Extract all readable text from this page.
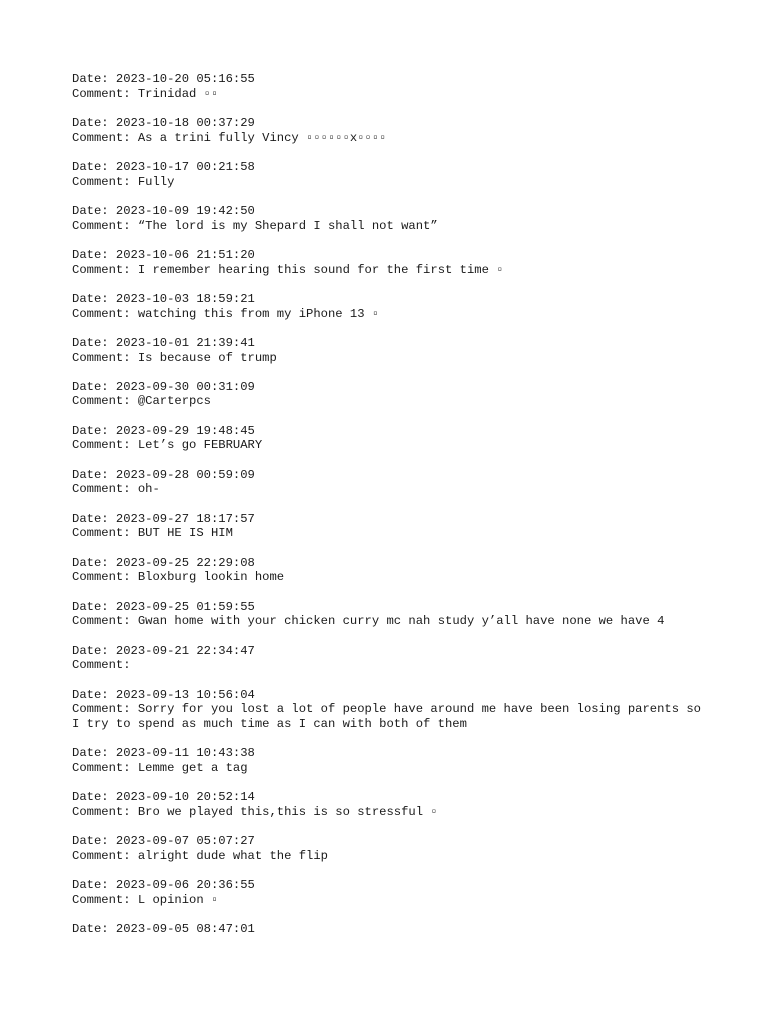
Date: 2023-10-20 05:16:55
Comment: Trinidad ▫▫
Date: 2023-10-18 00:37:29
Comment: As a trini fully Vincy ▫▫▫▫▫▫x▫▫▫▫
Date: 2023-10-17 00:21:58
Comment: Fully
Date: 2023-10-09 19:42:50
Comment: “The lord is my Shepard I shall not want”
Date: 2023-10-06 21:51:20
Comment: I remember hearing this sound for the first time ▫
Date: 2023-10-03 18:59:21
Comment: watching this from my iPhone 13 ▫
Date: 2023-10-01 21:39:41
Comment: Is because of trump
Date: 2023-09-30 00:31:09
Comment: @Carterpcs
Date: 2023-09-29 19:48:45
Comment: Let’s go FEBRUARY
Date: 2023-09-28 00:59:09
Comment: oh-
Date: 2023-09-27 18:17:57
Comment: BUT HE IS HIM
Date: 2023-09-25 22:29:08
Comment: Bloxburg lookin home
Date: 2023-09-25 01:59:55
Comment: Gwan home with your chicken curry mc nah study y’all have none we have 4
Date: 2023-09-21 22:34:47
Comment:
Date: 2023-09-13 10:56:04
Comment: Sorry for you lost a lot of people have around me have been losing parents so I try to spend as much time as I can with both of them
Date: 2023-09-11 10:43:38
Comment: Lemme get a tag
Date: 2023-09-10 20:52:14
Comment: Bro we played this,this is so stressful ▫
Date: 2023-09-07 05:07:27
Comment: alright dude what the flip
Date: 2023-09-06 20:36:55
Comment: L opinion ▫
Date: 2023-09-05 08:47:01
